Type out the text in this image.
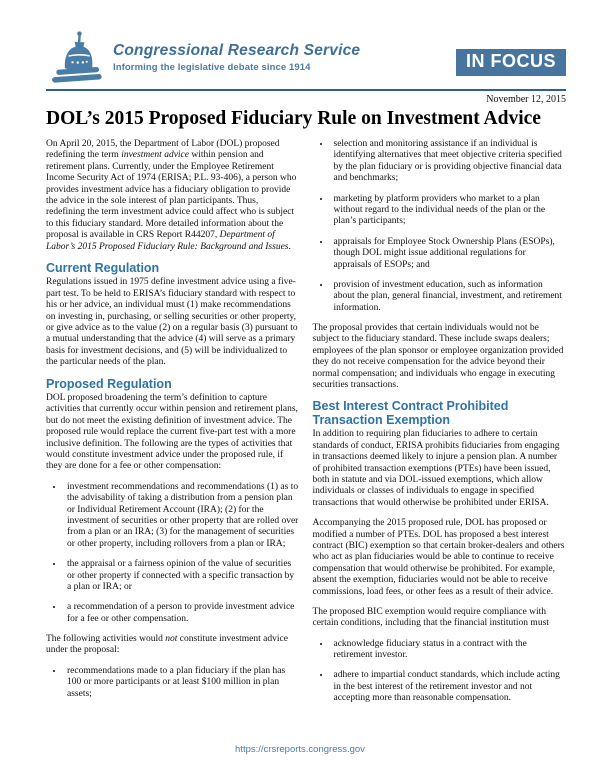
Congressional Research Service
Informing the legislative debate since 1914	IN FOCUS
November 12, 2015
DOL’s 2015 Proposed Fiduciary Rule on Investment Advice

On April 20, 2015, the Department of Labor (DOL) proposed redefining the term investment advice within pension and retirement plans. Currently, under the Employee Retirement Income Security Act of 1974 (ERISA; P.L. 93-406), a person who provides investment advice has a fiduciary obligation to provide the advice in the sole interest of plan participants. Thus, redefining the term investment advice could affect who is subject to this fiduciary standard. More detailed information about the proposal is available in CRS Report R44207, Department of Labor’s 2015 Proposed Fiduciary Rule: Background and Issues.

Current Regulation

Regulations issued in 1975 define investment advice using a five-part test. To be held to ERISA’s fiduciary standard with respect to his or her advice, an individual must (1) make recommendations on investing in, purchasing, or selling securities or other property, or give advice as to the value (2) on a regular basis (3) pursuant to a mutual understanding that the advice (4) will serve as a primary basis for investment decisions, and (5) will be individualized to the particular needs of the plan.

Proposed Regulation

DOL proposed broadening the term’s definition to capture activities that currently occur within pension and retirement plans, but do not meet the existing definition of investment advice. The proposed rule would replace the current five-part test with a more inclusive definition. The following are the types of activities that would constitute investment advice under the proposed rule, if they are done for a fee or other compensation:

• investment recommendations and recommendations (1) as to the advisability of taking a distribution from a pension plan or Individual Retirement Account (IRA); (2) for the investment of securities or other property that are rolled over from a plan or an IRA; (3) for the management of securities or other property, including rollovers from a plan or IRA;
• the appraisal or a fairness opinion of the value of securities or other property if connected with a specific transaction by a plan or IRA; or
• a recommendation of a person to provide investment advice for a fee or other compensation.

The following activities would not constitute investment advice under the proposal:

• recommendations made to a plan fiduciary if the plan has 100 or more participants or at least $100 million in plan assets;
• selection and monitoring assistance if an individual is identifying alternatives that meet objective criteria specified by the plan fiduciary or is providing objective financial data and benchmarks;
• marketing by platform providers who market to a plan without regard to the individual needs of the plan or the plan’s participants;
• appraisals for Employee Stock Ownership Plans (ESOPs), though DOL might issue additional regulations for appraisals of ESOPs; and
• provision of investment education, such as information about the plan, general financial, investment, and retirement information.

The proposal provides that certain individuals would not be subject to the fiduciary standard. These include swaps dealers; employees of the plan sponsor or employee organization provided they do not receive compensation for the advice beyond their normal compensation; and individuals who engage in executing securities transactions.

Best Interest Contract Prohibited Transaction Exemption

In addition to requiring plan fiduciaries to adhere to certain standards of conduct, ERISA prohibits fiduciaries from engaging in transactions deemed likely to injure a pension plan. A number of prohibited transaction exemptions (PTEs) have been issued, both in statute and via DOL-issued exemptions, which allow individuals or classes of individuals to engage in specified transactions that would otherwise be prohibited under ERISA.

Accompanying the 2015 proposed rule, DOL has proposed or modified a number of PTEs. DOL has proposed a best interest contract (BIC) exemption so that certain broker-dealers and others who act as plan fiduciaries would be able to continue to receive compensation that would otherwise be prohibited. For example, absent the exemption, fiduciaries would not be able to receive commissions, load fees, or other fees as a result of their advice.

The proposed BIC exemption would require compliance with certain conditions, including that the financial institution must

• acknowledge fiduciary status in a contract with the retirement investor.
• adhere to impartial conduct standards, which include acting in the best interest of the retirement investor and not accepting more than reasonable compensation.
https://crsreports.congress.gov
